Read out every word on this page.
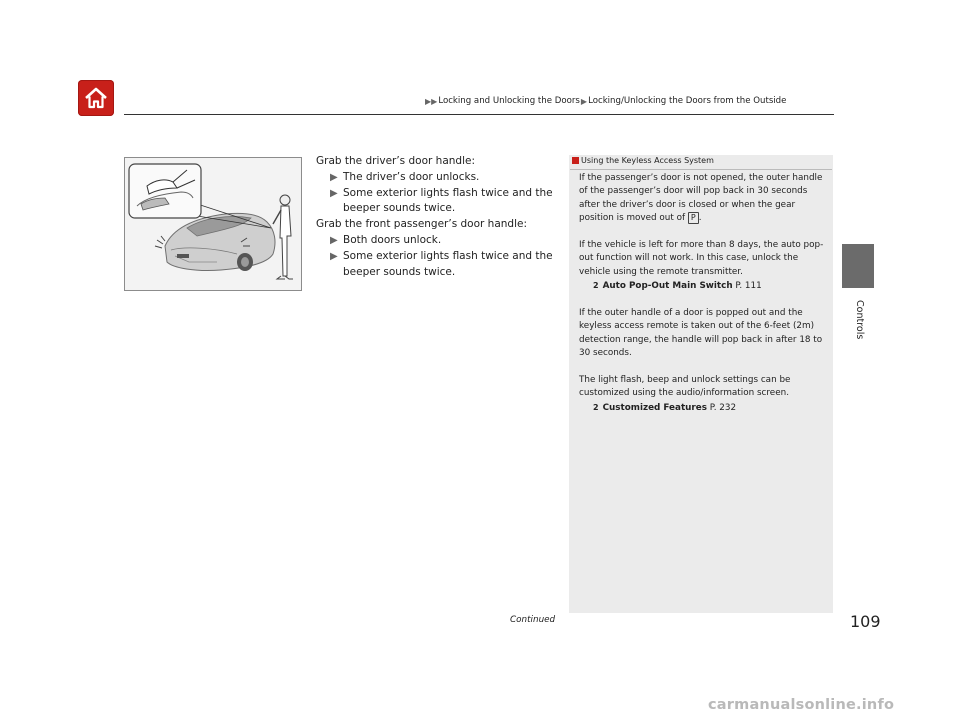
▶▶ Locking and Unlocking the Doors ▶ Locking/Unlocking the Doors from the Outside
Controls
Grab the driver’s door handle:
▶ The driver’s door unlocks.
▶ Some exterior lights flash twice and the beeper sounds twice.
Grab the front passenger’s door handle:
▶ Both doors unlock.
▶ Some exterior lights flash twice and the beeper sounds twice.
Using the Keyless Access System

If the passenger’s door is not opened, the outer handle of the passenger’s door will pop back in 30 seconds after the driver’s door is closed or when the gear position is moved out of P .

If the vehicle is left for more than 8 days, the auto pop-out function will not work. In this case, unlock the vehicle using the remote transmitter.
2 Auto Pop-Out Main Switch P. 111

If the outer handle of a door is popped out and the keyless access remote is taken out of the 6-feet (2m) detection range, the handle will pop back in after 18 to 30 seconds.

The light flash, beep and unlock settings can be customized using the audio/information screen.
2 Customized Features P. 232

Continued	109
carmanualsonline.info
